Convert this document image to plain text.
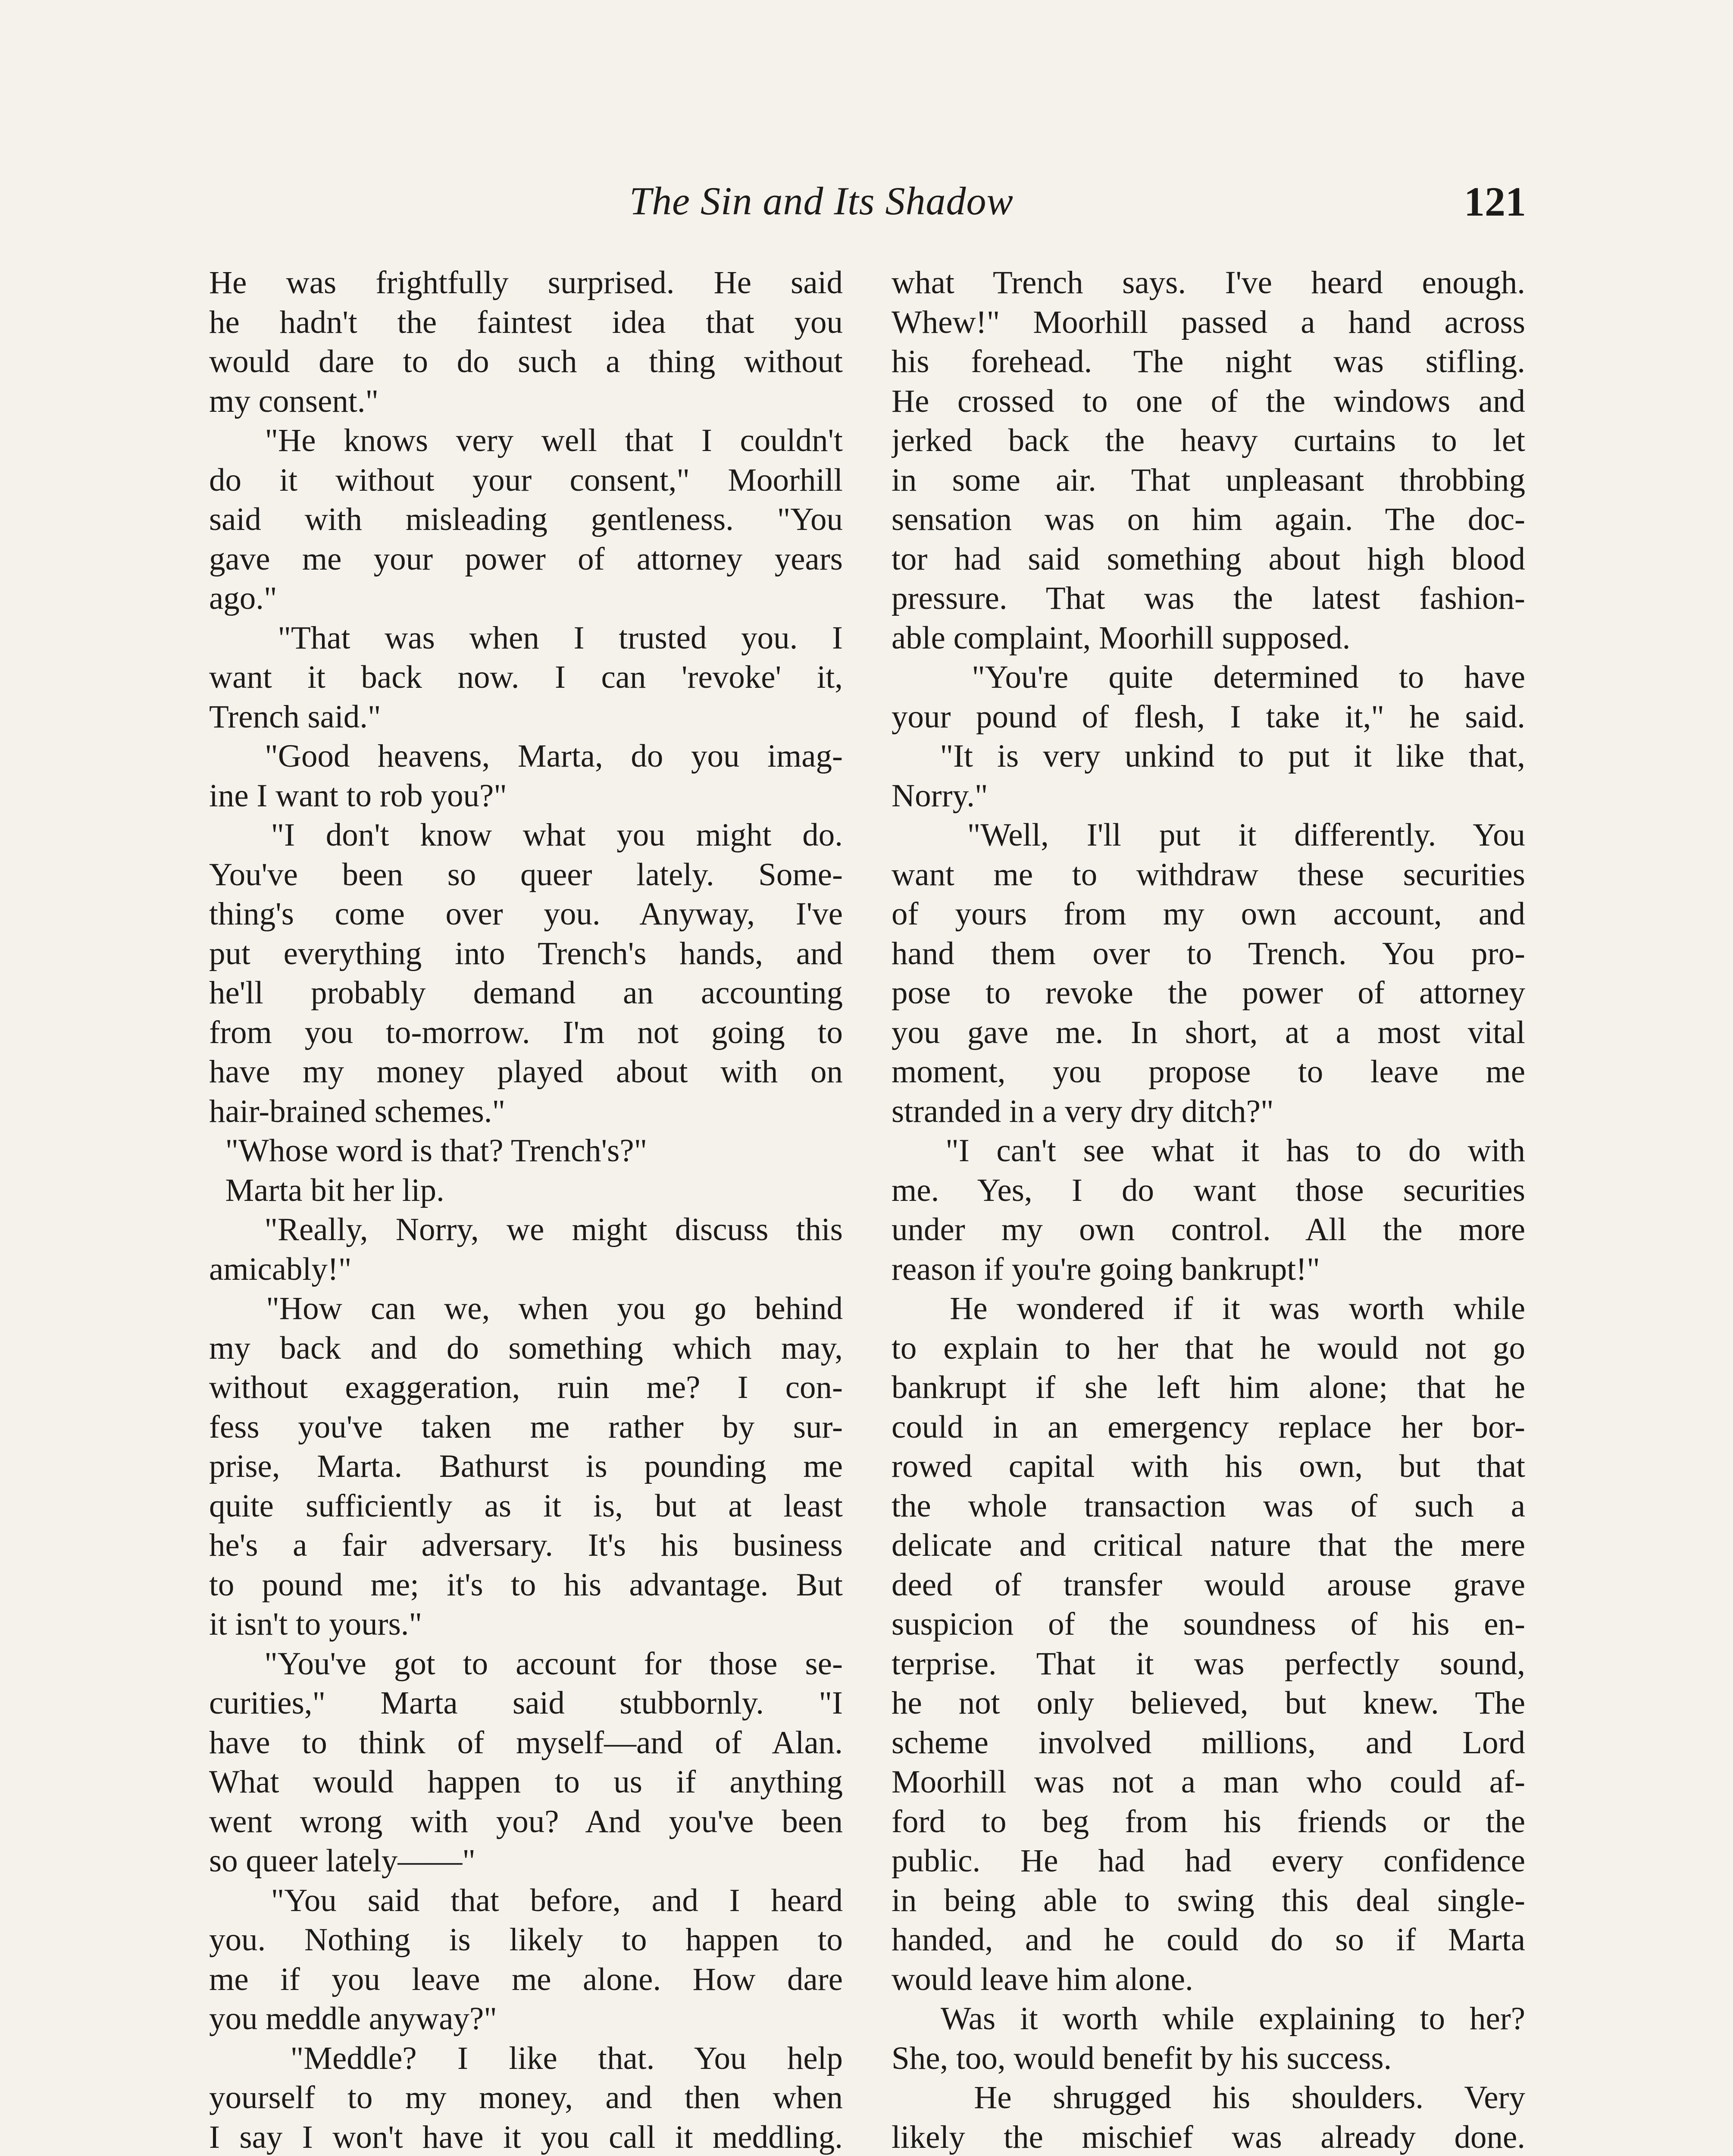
The Sin and Its Shadow	121
He was frightfully surprised. He said
he hadn't the faintest idea that you
would dare to do such a thing without
my consent."
"He knows very well that I couldn't
do it without your consent," Moorhill
said with misleading gentleness. "You
gave me your power of attorney years
ago."
"That was when I trusted you. I
want it back now. I can 'revoke' it,
Trench said."
"Good heavens, Marta, do you imag-
ine I want to rob you?"
"I don't know what you might do.
You've been so queer lately. Some-
thing's come over you. Anyway, I've
put everything into Trench's hands, and
he'll probably demand an accounting
from you to-morrow. I'm not going to
have my money played about with on
hair-brained schemes."
"Whose word is that? Trench's?"
Marta bit her lip.
"Really, Norry, we might discuss this
amicably!"
"How can we, when you go behind
my back and do something which may,
without exaggeration, ruin me? I con-
fess you've taken me rather by sur-
prise, Marta. Bathurst is pounding me
quite sufficiently as it is, but at least
he's a fair adversary. It's his business
to pound me; it's to his advantage. But
it isn't to yours."
"You've got to account for those se-
curities," Marta said stubbornly. "I
have to think of myself—and of Alan.
What would happen to us if anything
went wrong with you? And you've been
so queer lately——"
"You said that before, and I heard
you. Nothing is likely to happen to
me if you leave me alone. How dare
you meddle anyway?"
"Meddle? I like that. You help
yourself to my money, and then when
I say I won't have it you call it meddling.
what Trench says. I've heard enough.
Whew!" Moorhill passed a hand across
his forehead. The night was stifling.
He crossed to one of the windows and
jerked back the heavy curtains to let
in some air. That unpleasant throbbing
sensation was on him again. The doc-
tor had said something about high blood
pressure. That was the latest fashion-
able complaint, Moorhill supposed.
"You're quite determined to have
your pound of flesh, I take it," he said.
"It is very unkind to put it like that,
Norry."
"Well, I'll put it differently. You
want me to withdraw these securities
of yours from my own account, and
hand them over to Trench. You pro-
pose to revoke the power of attorney
you gave me. In short, at a most vital
moment, you propose to leave me
stranded in a very dry ditch?"
"I can't see what it has to do with
me. Yes, I do want those securities
under my own control. All the more
reason if you're going bankrupt!"
He wondered if it was worth while
to explain to her that he would not go
bankrupt if she left him alone; that he
could in an emergency replace her bor-
rowed capital with his own, but that
the whole transaction was of such a
delicate and critical nature that the mere
deed of transfer would arouse grave
suspicion of the soundness of his en-
terprise. That it was perfectly sound,
he not only believed, but knew. The
scheme involved millions, and Lord
Moorhill was not a man who could af-
ford to beg from his friends or the
public. He had had every confidence
in being able to swing this deal single-
handed, and he could do so if Marta
would leave him alone.
Was it worth while explaining to her?
She, too, would benefit by his success.
He shrugged his shoulders. Very
likely the mischief was already done.
